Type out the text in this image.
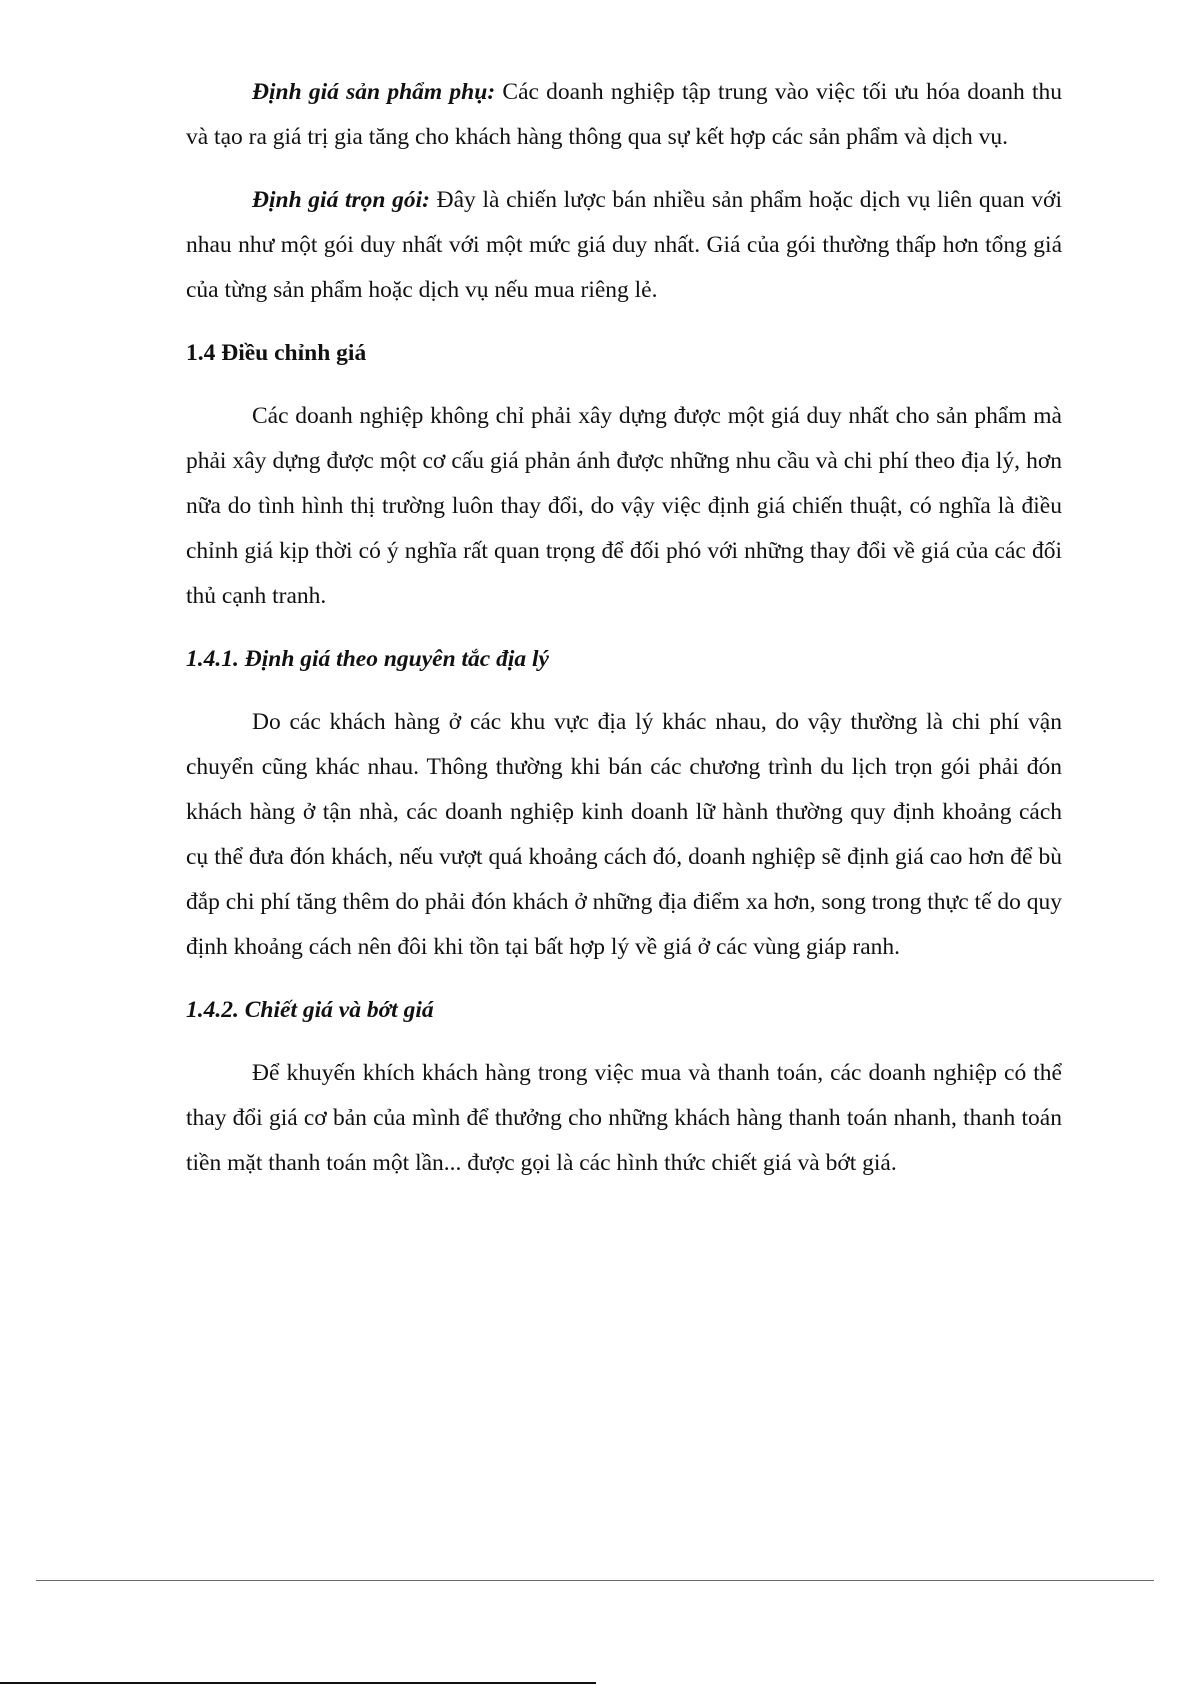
Định giá sản phẩm phụ: Các doanh nghiệp tập trung vào việc tối ưu hóa doanh thu và tạo ra giá trị gia tăng cho khách hàng thông qua sự kết hợp các sản phẩm và dịch vụ.

Định giá trọn gói: Đây là chiến lược bán nhiều sản phẩm hoặc dịch vụ liên quan với nhau như một gói duy nhất với một mức giá duy nhất. Giá của gói thường thấp hơn tổng giá của từng sản phẩm hoặc dịch vụ nếu mua riêng lẻ.

1.4 Điều chỉnh giá

Các doanh nghiệp không chỉ phải xây dựng được một giá duy nhất cho sản phẩm mà phải xây dựng được một cơ cấu giá phản ánh được những nhu cầu và chi phí theo địa lý, hơn nữa do tình hình thị trường luôn thay đổi, do vậy việc định giá chiến thuật, có nghĩa là điều chỉnh giá kịp thời có ý nghĩa rất quan trọng để đối phó với những thay đổi về giá của các đối thủ cạnh tranh.

1.4.1. Định giá theo nguyên tắc địa lý

Do các khách hàng ở các khu vực địa lý khác nhau, do vậy thường là chi phí vận chuyển cũng khác nhau. Thông thường khi bán các chương trình du lịch trọn gói phải đón khách hàng ở tận nhà, các doanh nghiệp kinh doanh lữ hành thường quy định khoảng cách cụ thể đưa đón khách, nếu vượt quá khoảng cách đó, doanh nghiệp sẽ định giá cao hơn để bù đắp chi phí tăng thêm do phải đón khách ở những địa điểm xa hơn, song trong thực tế do quy định khoảng cách nên đôi khi tồn tại bất hợp lý về giá ở các vùng giáp ranh.

1.4.2. Chiết giá và bớt giá

Để khuyến khích khách hàng trong việc mua và thanh toán, các doanh nghiệp có thể thay đổi giá cơ bản của mình để thưởng cho những khách hàng thanh toán nhanh, thanh toán tiền mặt thanh toán một lần... được gọi là các hình thức chiết giá và bớt giá.
